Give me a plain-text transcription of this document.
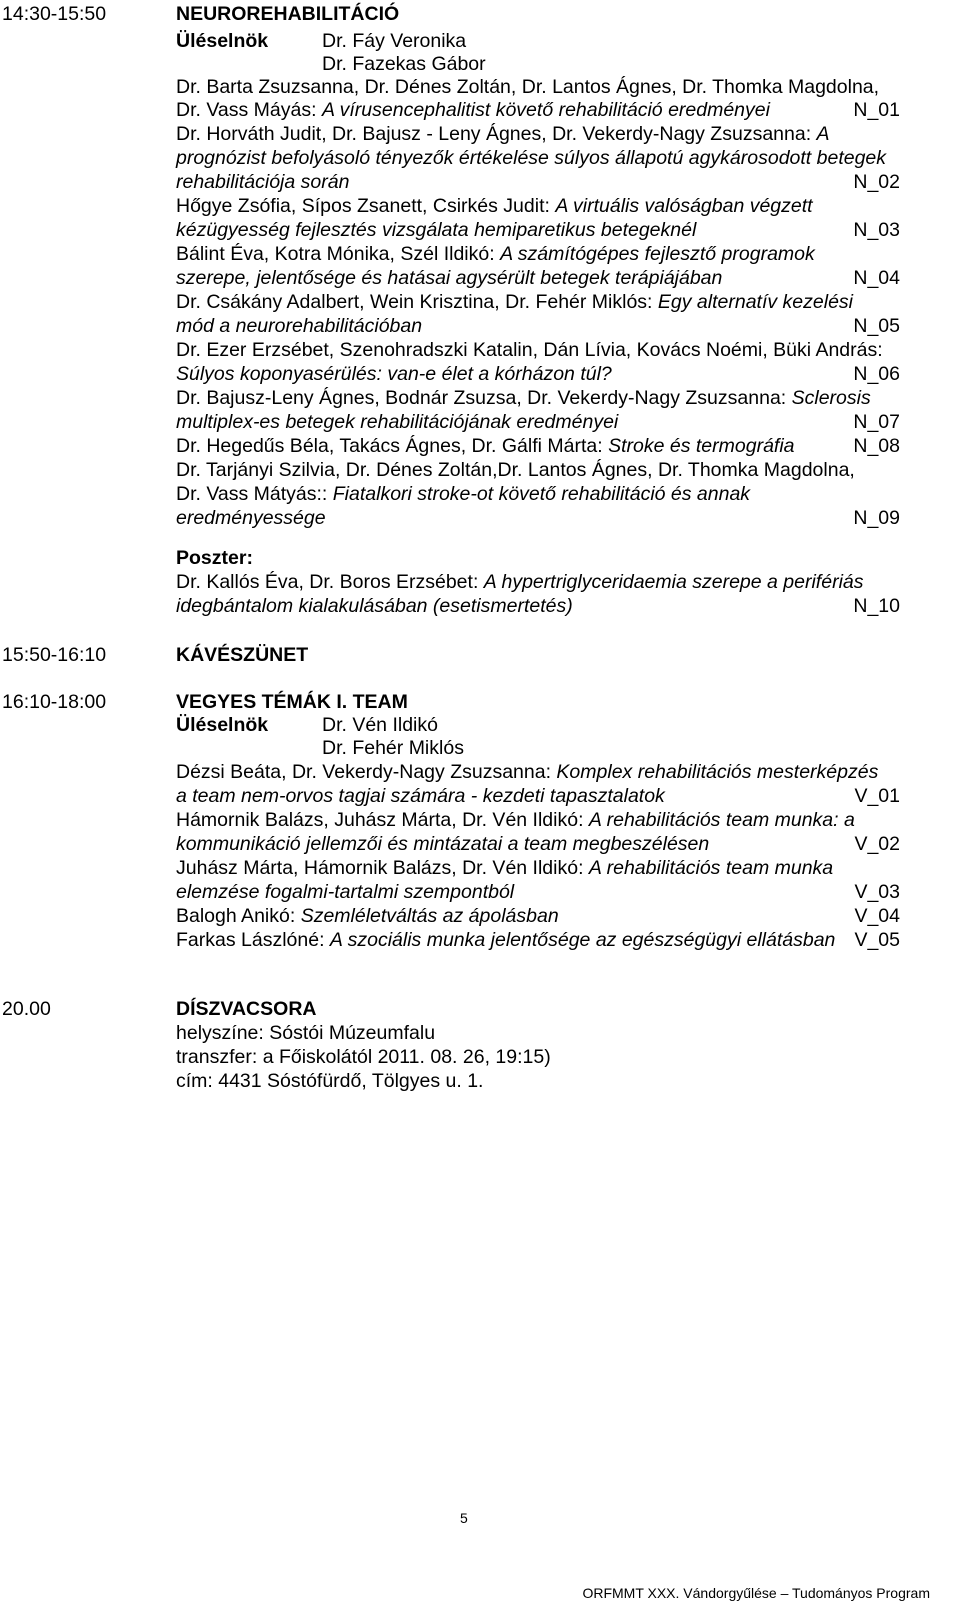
14:30-15:50	NEUROREHABILITÁCIÓ
Üléselnök	Dr. Fáy Veronika
Dr. Fazekas Gábor
Dr. Barta Zsuzsanna, Dr. Dénes Zoltán, Dr. Lantos Ágnes, Dr. Thomka Magdolna,
Dr. Vass Máyás: A vírusencephalitist követő rehabilitáció eredményei	N_01
Dr. Horváth Judit, Dr. Bajusz - Leny Ágnes, Dr. Vekerdy-Nagy Zsuzsanna: A
prognózist befolyásoló tényezők értékelése súlyos állapotú agykárosodott betegek
rehabilitációja során	N_02
Hőgye Zsófia, Sípos Zsanett, Csirkés Judit: A virtuális valóságban végzett
kézügyesség fejlesztés vizsgálata hemiparetikus betegeknél	N_03
Bálint Éva, Kotra Mónika, Szél Ildikó: A számítógépes fejlesztő programok
szerepe, jelentősége és hatásai agysérült betegek terápiájában	N_04
Dr. Csákány Adalbert, Wein Krisztina, Dr. Fehér Miklós: Egy alternatív kezelési
mód a neurorehabilitációban	N_05
Dr. Ezer Erzsébet, Szenohradszki Katalin, Dán Lívia, Kovács Noémi, Büki András:
Súlyos koponyasérülés: van-e élet a kórházon túl?	N_06
Dr. Bajusz-Leny Ágnes, Bodnár Zsuzsa, Dr. Vekerdy-Nagy Zsuzsanna: Sclerosis
multiplex-es betegek rehabilitációjának eredményei	N_07
Dr. Hegedűs Béla, Takács Ágnes, Dr. Gálfi Márta: Stroke és termográfia	N_08
Dr. Tarjányi Szilvia, Dr. Dénes Zoltán,Dr. Lantos Ágnes, Dr. Thomka Magdolna,
Dr. Vass Mátyás:: Fiatalkori stroke-ot követő rehabilitáció és annak
eredményessége	N_09
Poszter:
Dr. Kallós Éva, Dr. Boros Erzsébet: A hypertriglyceridaemia szerepe a perifériás
idegbántalom kialakulásában (esetismertetés)	N_10
15:50-16:10	KÁVÉSZÜNET
16:10-18:00	VEGYES TÉMÁK I. TEAM
Üléselnök	Dr. Vén Ildikó
Dr. Fehér Miklós
Dézsi Beáta, Dr. Vekerdy-Nagy Zsuzsanna: Komplex rehabilitációs mesterképzés
a team nem-orvos tagjai számára - kezdeti tapasztalatok	V_01
Hámornik Balázs, Juhász Márta, Dr. Vén Ildikó: A rehabilitációs team munka: a
kommunikáció jellemzői és mintázatai a team megbeszélésen	V_02
Juhász Márta, Hámornik Balázs, Dr. Vén Ildikó: A rehabilitációs team munka
elemzése fogalmi-tartalmi szempontból	V_03
Balogh Anikó: Szemléletváltás az ápolásban	V_04
Farkas Lászlóné: A szociális munka jelentősége az egészségügyi ellátásban V_05
20.00	DÍSZVACSORA
helyszíne: Sóstói Múzeumfalu
transzfer: a Főiskolától 2011. 08. 26, 19:15)
cím: 4431 Sóstófürdő, Tölgyes u. 1.
5
ORFMMT XXX. Vándorgyűlése – Tudományos Program
